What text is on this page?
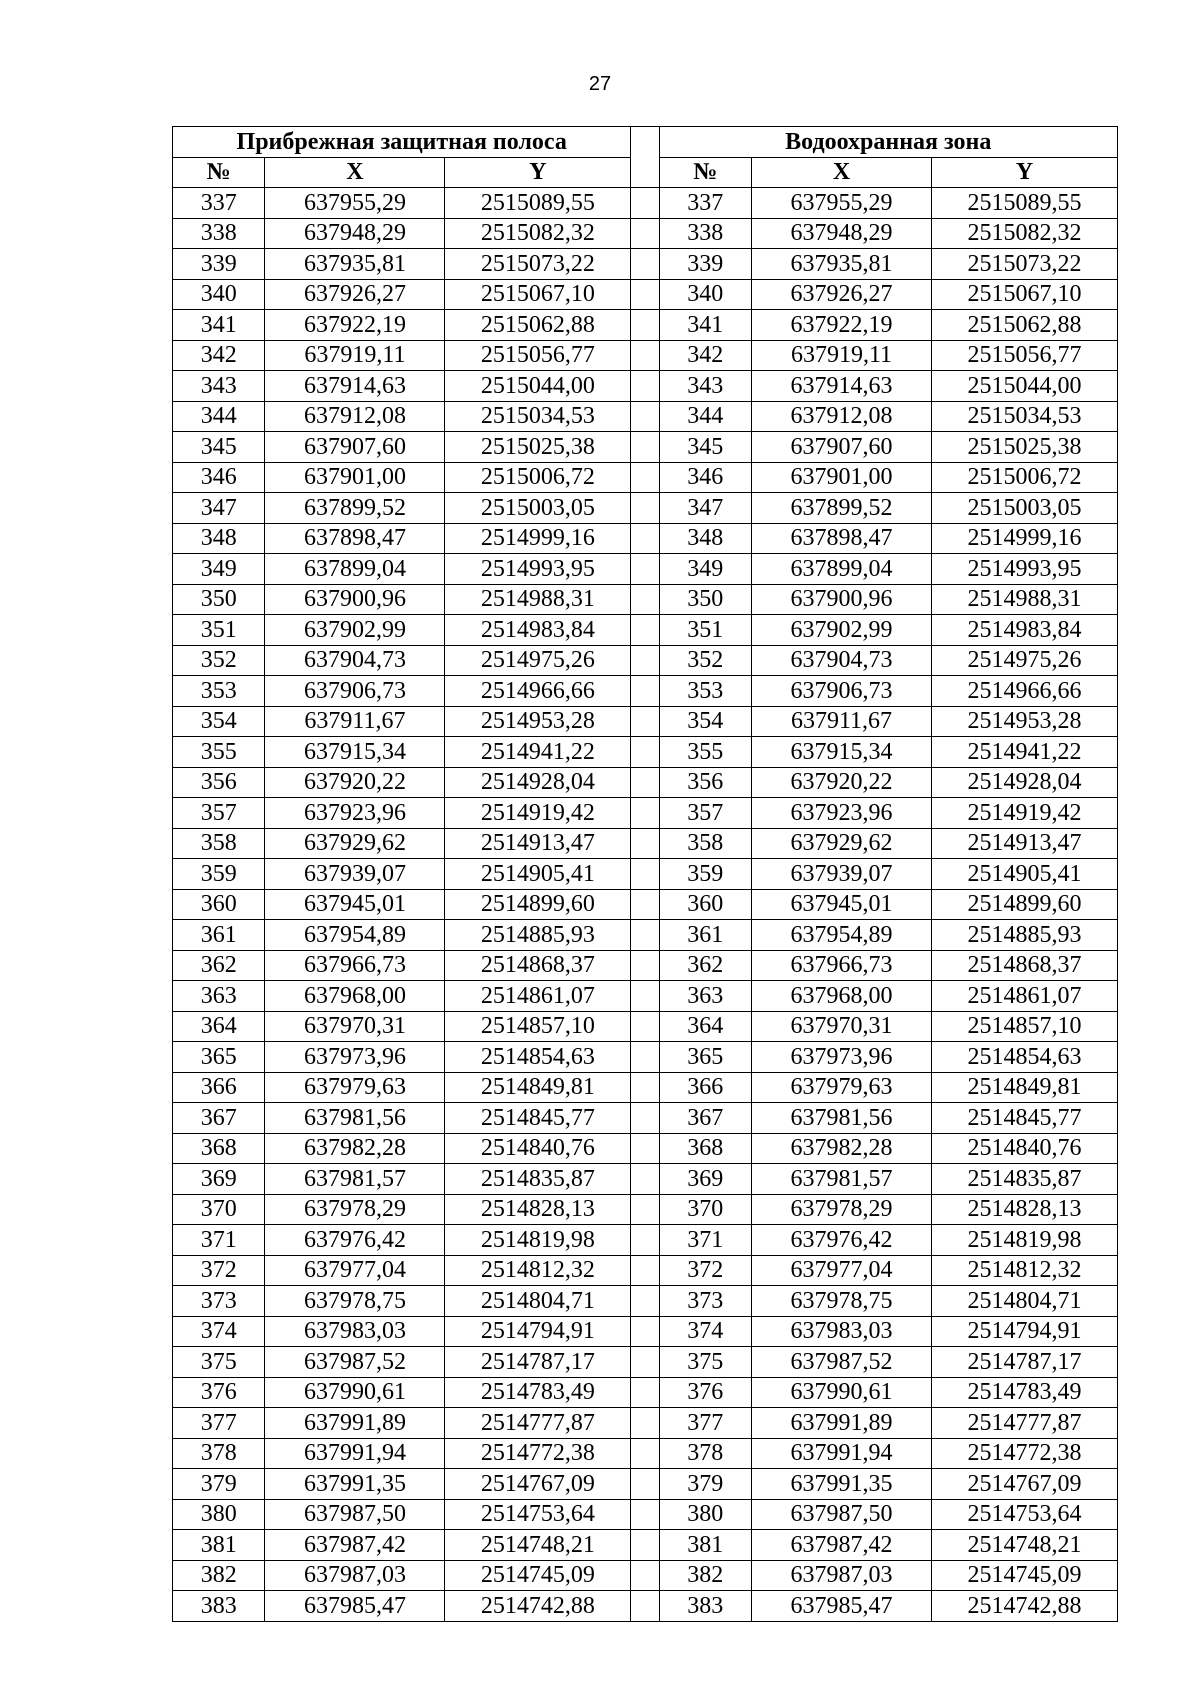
27
Прибрежная защитная полоса				Водоохранная зона		
№	X	Y		№	X	Y
337	637955,29	2515089,55		337	637955,29	2515089,55
338	637948,29	2515082,32		338	637948,29	2515082,32
339	637935,81	2515073,22		339	637935,81	2515073,22
340	637926,27	2515067,10		340	637926,27	2515067,10
341	637922,19	2515062,88		341	637922,19	2515062,88
342	637919,11	2515056,77		342	637919,11	2515056,77
343	637914,63	2515044,00		343	637914,63	2515044,00
344	637912,08	2515034,53		344	637912,08	2515034,53
345	637907,60	2515025,38		345	637907,60	2515025,38
346	637901,00	2515006,72		346	637901,00	2515006,72
347	637899,52	2515003,05		347	637899,52	2515003,05
348	637898,47	2514999,16		348	637898,47	2514999,16
349	637899,04	2514993,95		349	637899,04	2514993,95
350	637900,96	2514988,31		350	637900,96	2514988,31
351	637902,99	2514983,84		351	637902,99	2514983,84
352	637904,73	2514975,26		352	637904,73	2514975,26
353	637906,73	2514966,66		353	637906,73	2514966,66
354	637911,67	2514953,28		354	637911,67	2514953,28
355	637915,34	2514941,22		355	637915,34	2514941,22
356	637920,22	2514928,04		356	637920,22	2514928,04
357	637923,96	2514919,42		357	637923,96	2514919,42
358	637929,62	2514913,47		358	637929,62	2514913,47
359	637939,07	2514905,41		359	637939,07	2514905,41
360	637945,01	2514899,60		360	637945,01	2514899,60
361	637954,89	2514885,93		361	637954,89	2514885,93
362	637966,73	2514868,37		362	637966,73	2514868,37
363	637968,00	2514861,07		363	637968,00	2514861,07
364	637970,31	2514857,10		364	637970,31	2514857,10
365	637973,96	2514854,63		365	637973,96	2514854,63
366	637979,63	2514849,81		366	637979,63	2514849,81
367	637981,56	2514845,77		367	637981,56	2514845,77
368	637982,28	2514840,76		368	637982,28	2514840,76
369	637981,57	2514835,87		369	637981,57	2514835,87
370	637978,29	2514828,13		370	637978,29	2514828,13
371	637976,42	2514819,98		371	637976,42	2514819,98
372	637977,04	2514812,32		372	637977,04	2514812,32
373	637978,75	2514804,71		373	637978,75	2514804,71
374	637983,03	2514794,91		374	637983,03	2514794,91
375	637987,52	2514787,17		375	637987,52	2514787,17
376	637990,61	2514783,49		376	637990,61	2514783,49
377	637991,89	2514777,87		377	637991,89	2514777,87
378	637991,94	2514772,38		378	637991,94	2514772,38
379	637991,35	2514767,09		379	637991,35	2514767,09
380	637987,50	2514753,64		380	637987,50	2514753,64
381	637987,42	2514748,21		381	637987,42	2514748,21
382	637987,03	2514745,09		382	637987,03	2514745,09
383	637985,47	2514742,88		383	637985,47	2514742,88
